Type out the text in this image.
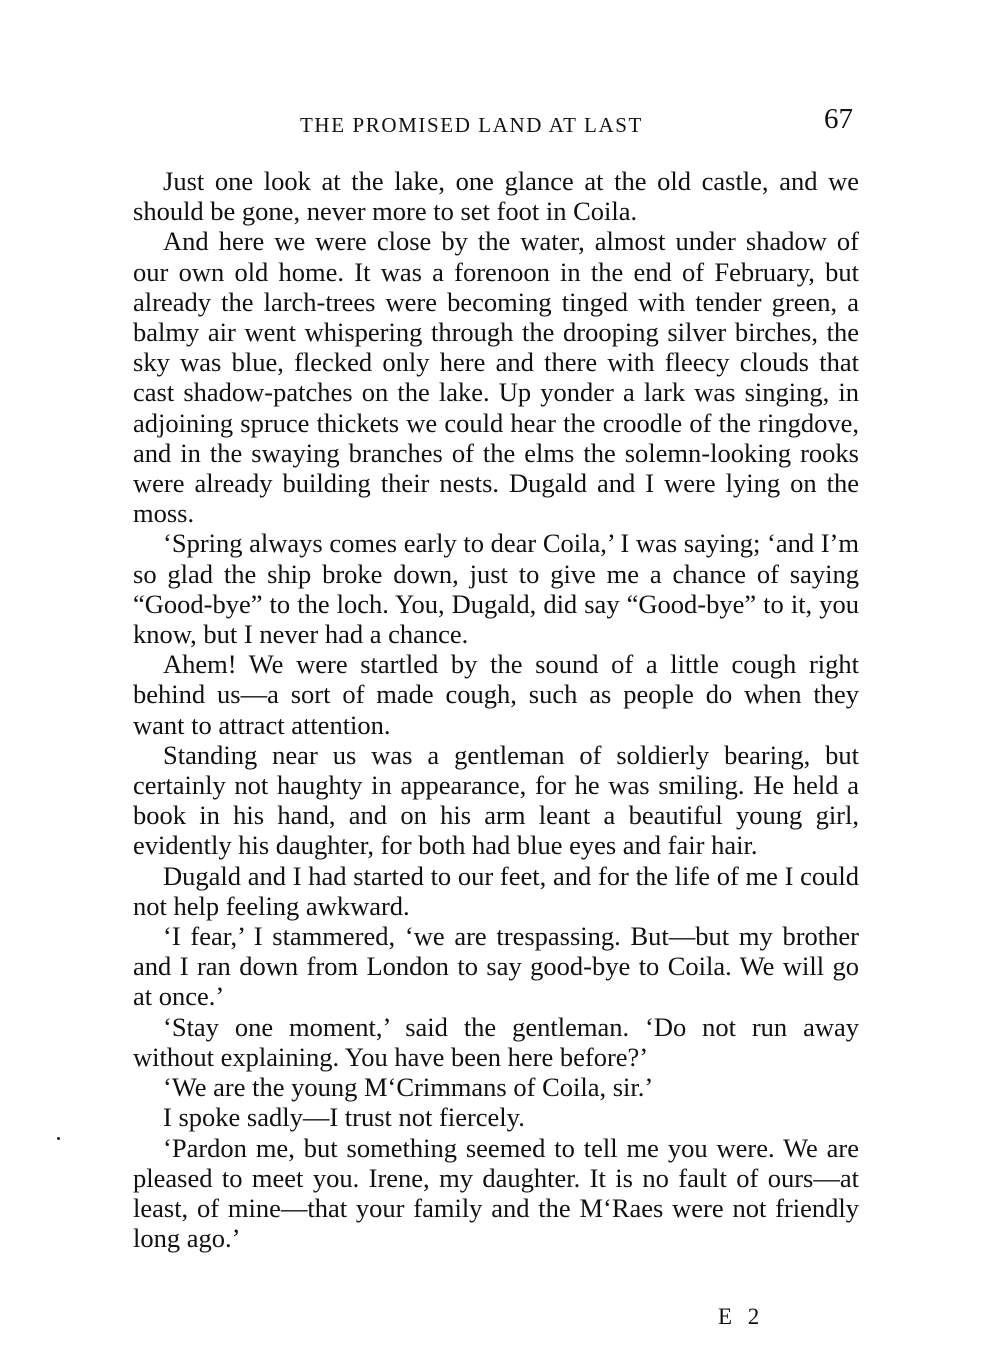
THE PROMISED LAND AT LAST	67

Just one look at the lake, one glance at the old castle, and we should be gone, never more to set foot in Coila.

And here we were close by the water, almost under shadow of our own old home. It was a forenoon in the end of February, but already the larch-trees were becoming tinged with tender green, a balmy air went whispering through the drooping silver birches, the sky was blue, flecked only here and there with fleecy clouds that cast shadow-patches on the lake. Up yonder a lark was singing, in adjoining spruce thickets we could hear the croodle of the ringdove, and in the swaying branches of the elms the solemn-looking rooks were already building their nests. Dugald and I were lying on the moss.

‘Spring always comes early to dear Coila,’ I was saying; ‘and I’m so glad the ship broke down, just to give me a chance of saying “Good-bye” to the loch. You, Dugald, did say “Good-bye” to it, you know, but I never had a chance.

Ahem! We were startled by the sound of a little cough right behind us—a sort of made cough, such as people do when they want to attract attention.

Standing near us was a gentleman of soldierly bearing, but certainly not haughty in appearance, for he was smiling. He held a book in his hand, and on his arm leant a beautiful young girl, evidently his daughter, for both had blue eyes and fair hair.

Dugald and I had started to our feet, and for the life of me I could not help feeling awkward.

‘I fear,’ I stammered, ‘we are trespassing. But—but my brother and I ran down from London to say good-bye to Coila. We will go at once.’

‘Stay one moment,’ said the gentleman. ‘Do not run away without explaining. You have been here before?’

‘We are the young M‘Crimmans of Coila, sir.’

I spoke sadly—I trust not fiercely.

‘Pardon me, but something seemed to tell me you were. We are pleased to meet you. Irene, my daughter. It is no fault of ours—at least, of mine—that your family and the M‘Raes were not friendly long ago.’

E 2
